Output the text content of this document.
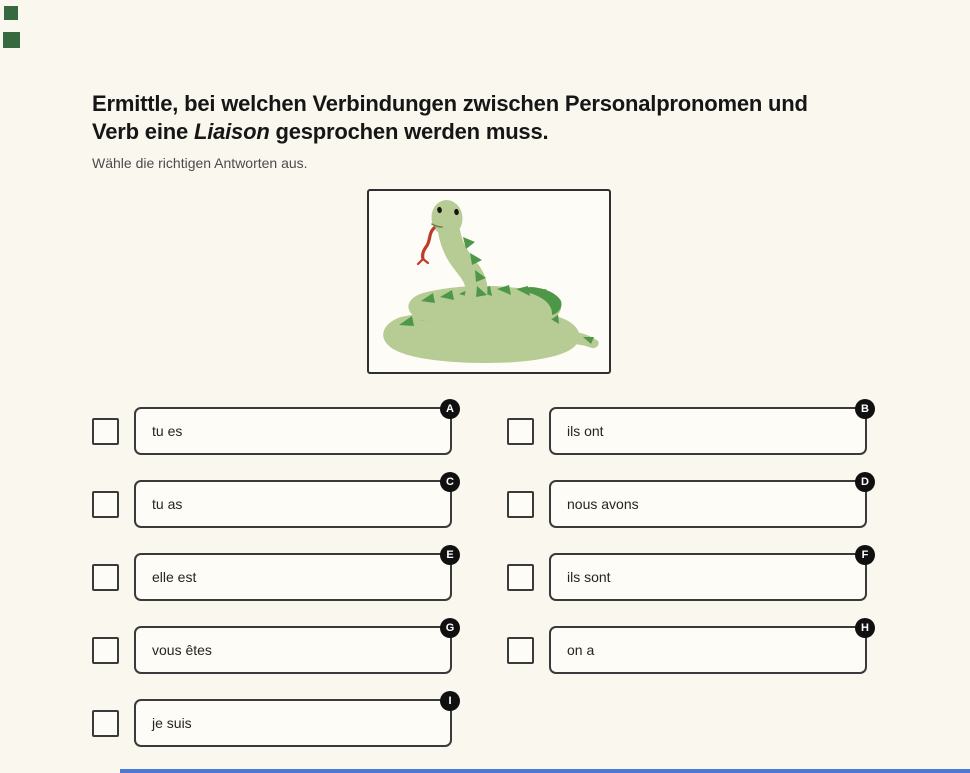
Ermittle, bei welchen Verbindungen zwischen Personalpronomen und
Verb eine Liaison gesprochen werden muss.

Wähle die richtigen Antworten aus.

tu es
A
tu as
C
elle est
E
vous êtes
G
je suis
I
ils ont
B
nous avons
D
ils sont
F
on a
H
